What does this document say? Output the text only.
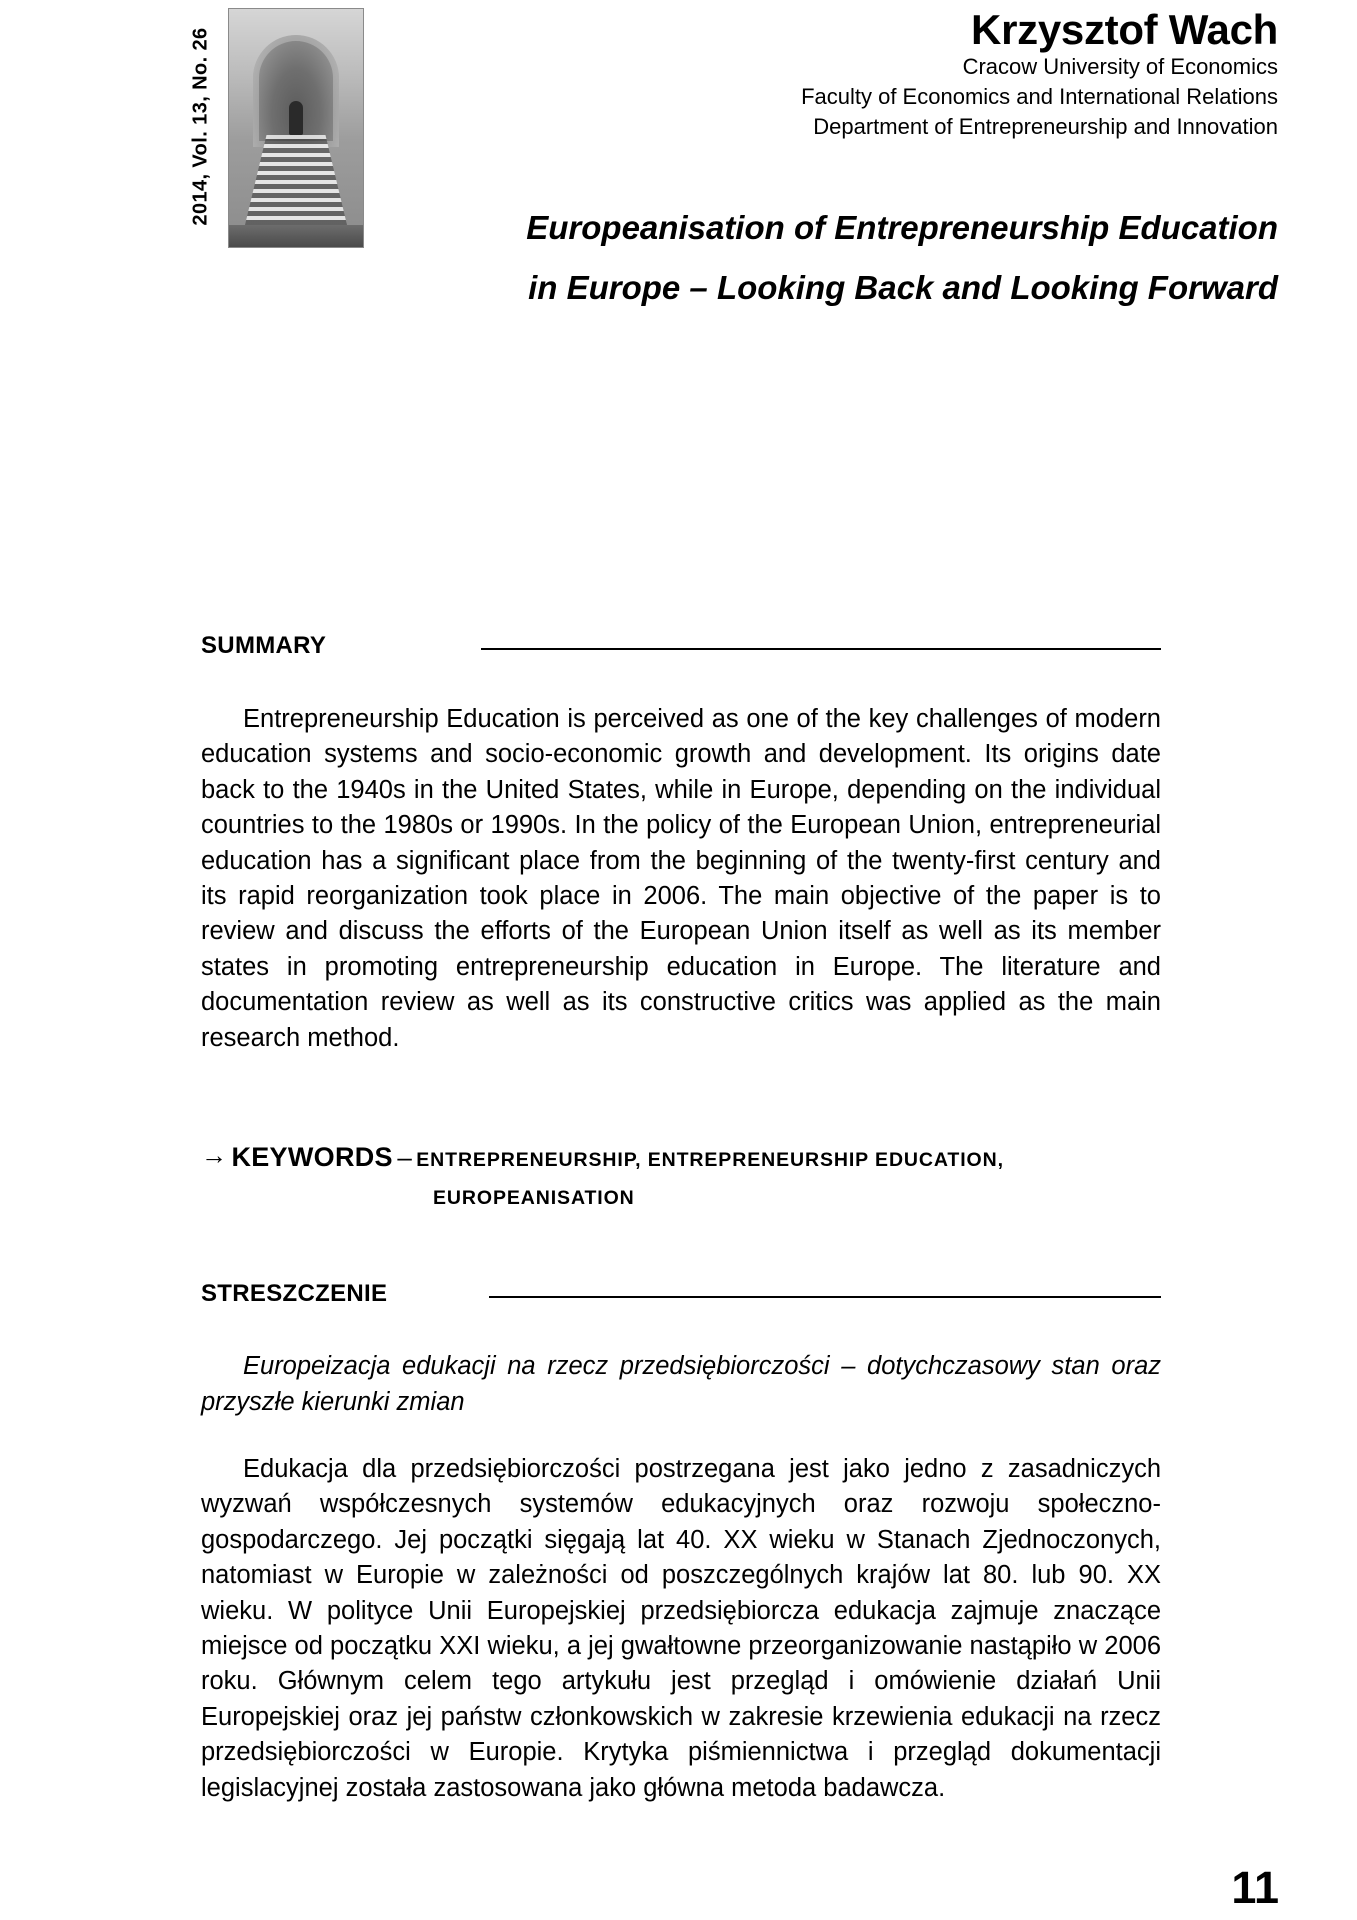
2014, Vol. 13, No. 26	Krzysztof Wach
Cracow University of Economics
Faculty of Economics and International Relations
Department of Entrepreneurship and Innovation
Europeanisation of Entrepreneurship Education in Europe – Looking Back and Looking Forward
SUMMARY
Entrepreneurship Education is perceived as one of the key challenges of modern education systems and socio-economic growth and development. Its origins date back to the 1940s in the United States, while in Europe, depending on the individual countries to the 1980s or 1990s. In the policy of the European Union, entrepreneurial education has a significant place from the beginning of the twenty-first century and its rapid reorganization took place in 2006. The main objective of the paper is to review and discuss the efforts of the European Union itself as well as its member states in promoting entrepreneurship education in Europe. The literature and documentation review as well as its constructive critics was applied as the main research method.
→ KEYWORDS – ENTREPRENEURSHIP, ENTREPRENEURSHIP EDUCATION,
EUROPEANISATION
STRESZCZENIE
Europeizacja edukacji na rzecz przedsiębiorczości – dotychczasowy stan oraz przyszłe kierunki zmian
Edukacja dla przedsiębiorczości postrzegana jest jako jedno z zasadniczych wyzwań współczesnych systemów edukacyjnych oraz rozwoju społeczno-gospodarczego. Jej początki sięgają lat 40. XX wieku w Stanach Zjednoczonych, natomiast w Europie w zależności od poszczególnych krajów lat 80. lub 90. XX wieku. W polityce Unii Europejskiej przedsiębiorcza edukacja zajmuje znaczące miejsce od początku XXI wieku, a jej gwałtowne przeorganizowanie nastąpiło w 2006 roku. Głównym celem tego artykułu jest przegląd i omówienie działań Unii Europejskiej oraz jej państw członkowskich w zakresie krzewienia edukacji na rzecz przedsiębiorczości w Europie. Krytyka piśmiennictwa i przegląd dokumentacji legislacyjnej została zastosowana jako główna metoda badawcza.
11
